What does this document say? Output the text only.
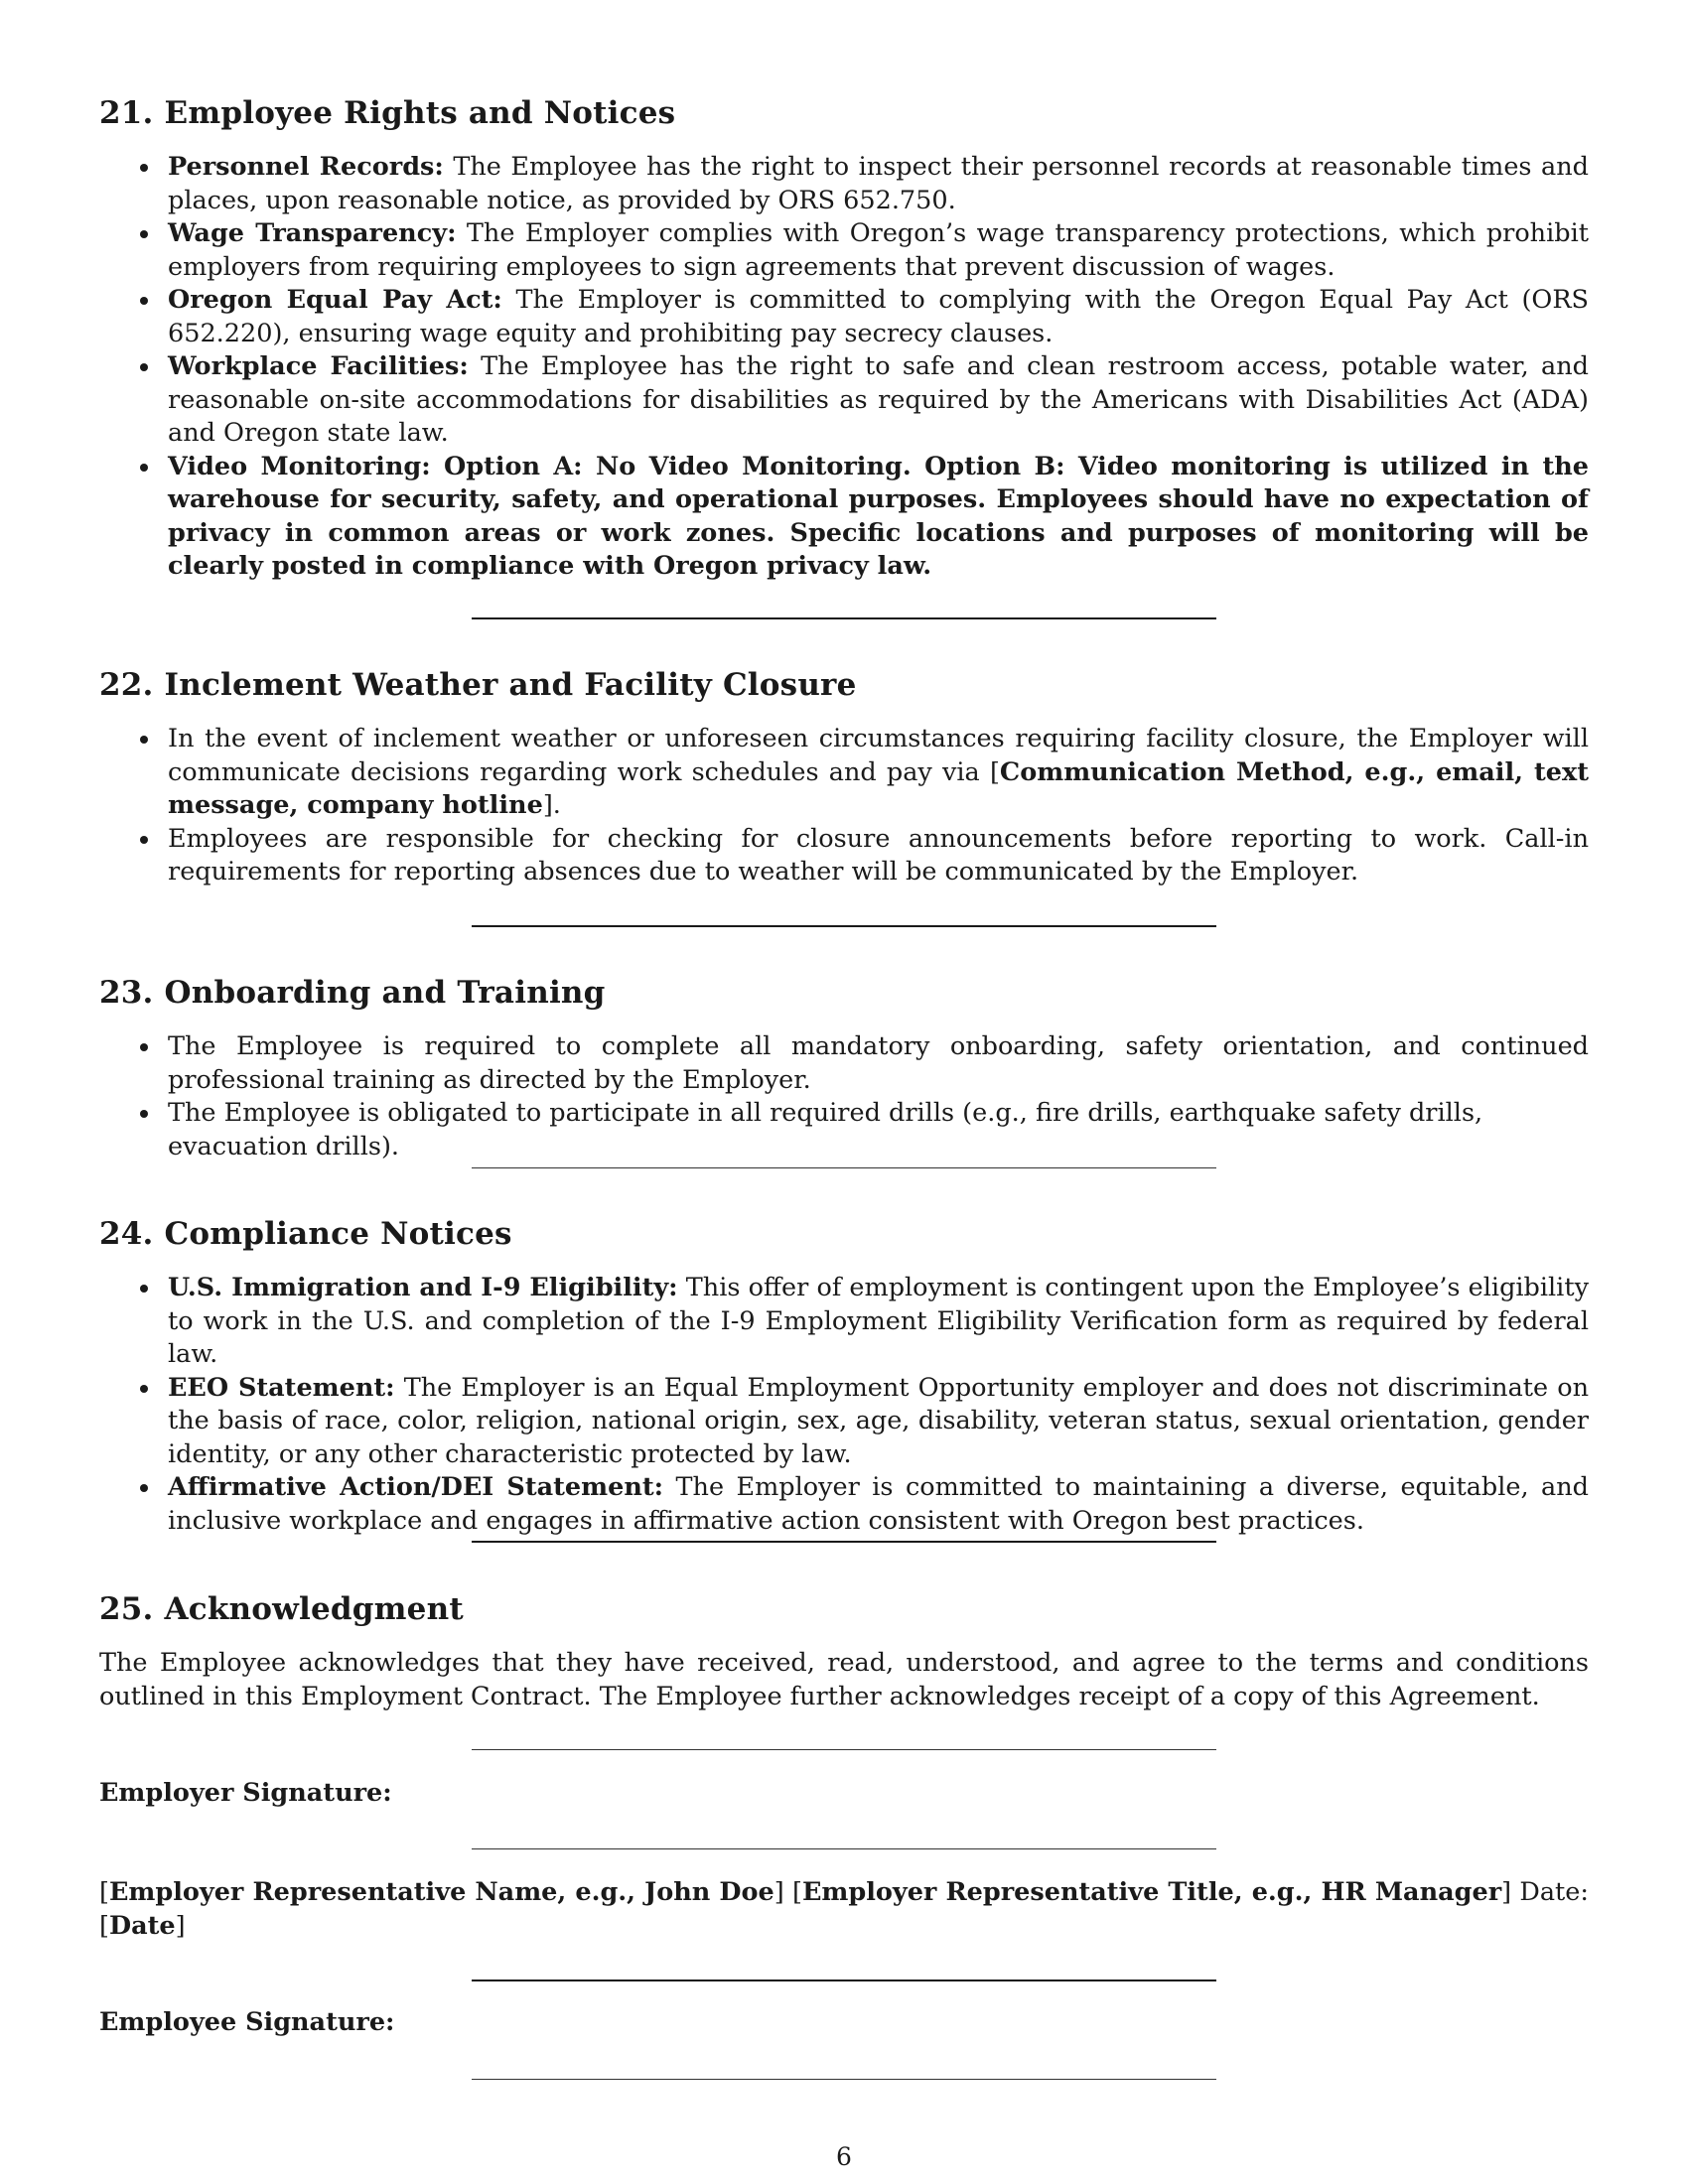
21. Employee Rights and Notices
Personnel Records: The Employee has the right to inspect their personnel records at reasonable times and places, upon reasonable notice, as provided by ORS 652.750.
Wage Transparency: The Employer complies with Oregon’s wage transparency protections, which prohibit employers from requiring employees to sign agreements that prevent discussion of wages.
Oregon Equal Pay Act: The Employer is committed to complying with the Oregon Equal Pay Act (ORS 652.220), ensuring wage equity and prohibiting pay secrecy clauses.
Workplace Facilities: The Employee has the right to safe and clean restroom access, potable water, and reasonable on-site accommodations for disabilities as required by the Americans with Disabilities Act (ADA) and Oregon state law.
Video Monitoring: Option A: No Video Monitoring. Option B: Video monitoring is utilized in the warehouse for security, safety, and operational purposes. Employees should have no expectation of privacy in common areas or work zones. Specific locations and purposes of monitoring will be clearly posted in compliance with Oregon privacy law.
22. Inclement Weather and Facility Closure
In the event of inclement weather or unforeseen circumstances requiring facility closure, the Employer will communicate decisions regarding work schedules and pay via [Communication Method, e.g., email, text message, company hotline].
Employees are responsible for checking for closure announcements before reporting to work. Call-in requirements for reporting absences due to weather will be communicated by the Employer.
23. Onboarding and Training
The Employee is required to complete all mandatory onboarding, safety orientation, and continued professional training as directed by the Employer.
The Employee is obligated to participate in all required drills (e.g., fire drills, earthquake safety drills, evacuation drills).
24. Compliance Notices
U.S. Immigration and I-9 Eligibility: This offer of employment is contingent upon the Employee’s eligibility to work in the U.S. and completion of the I-9 Employment Eligibility Verification form as required by federal law.
EEO Statement: The Employer is an Equal Employment Opportunity employer and does not discriminate on the basis of race, color, religion, national origin, sex, age, disability, veteran status, sexual orientation, gender identity, or any other characteristic protected by law.
Affirmative Action/DEI Statement: The Employer is committed to maintaining a diverse, equitable, and inclusive workplace and engages in affirmative action consistent with Oregon best practices.
25. Acknowledgment

The Employee acknowledges that they have received, read, understood, and agree to the terms and conditions outlined in this Employment Contract. The Employee further acknowledges receipt of a copy of this Agreement.

Employer Signature:

[Employer Representative Name, e.g., John Doe] [Employer Representative Title, e.g., HR Manager] Date: [Date]

Employee Signature:

6
